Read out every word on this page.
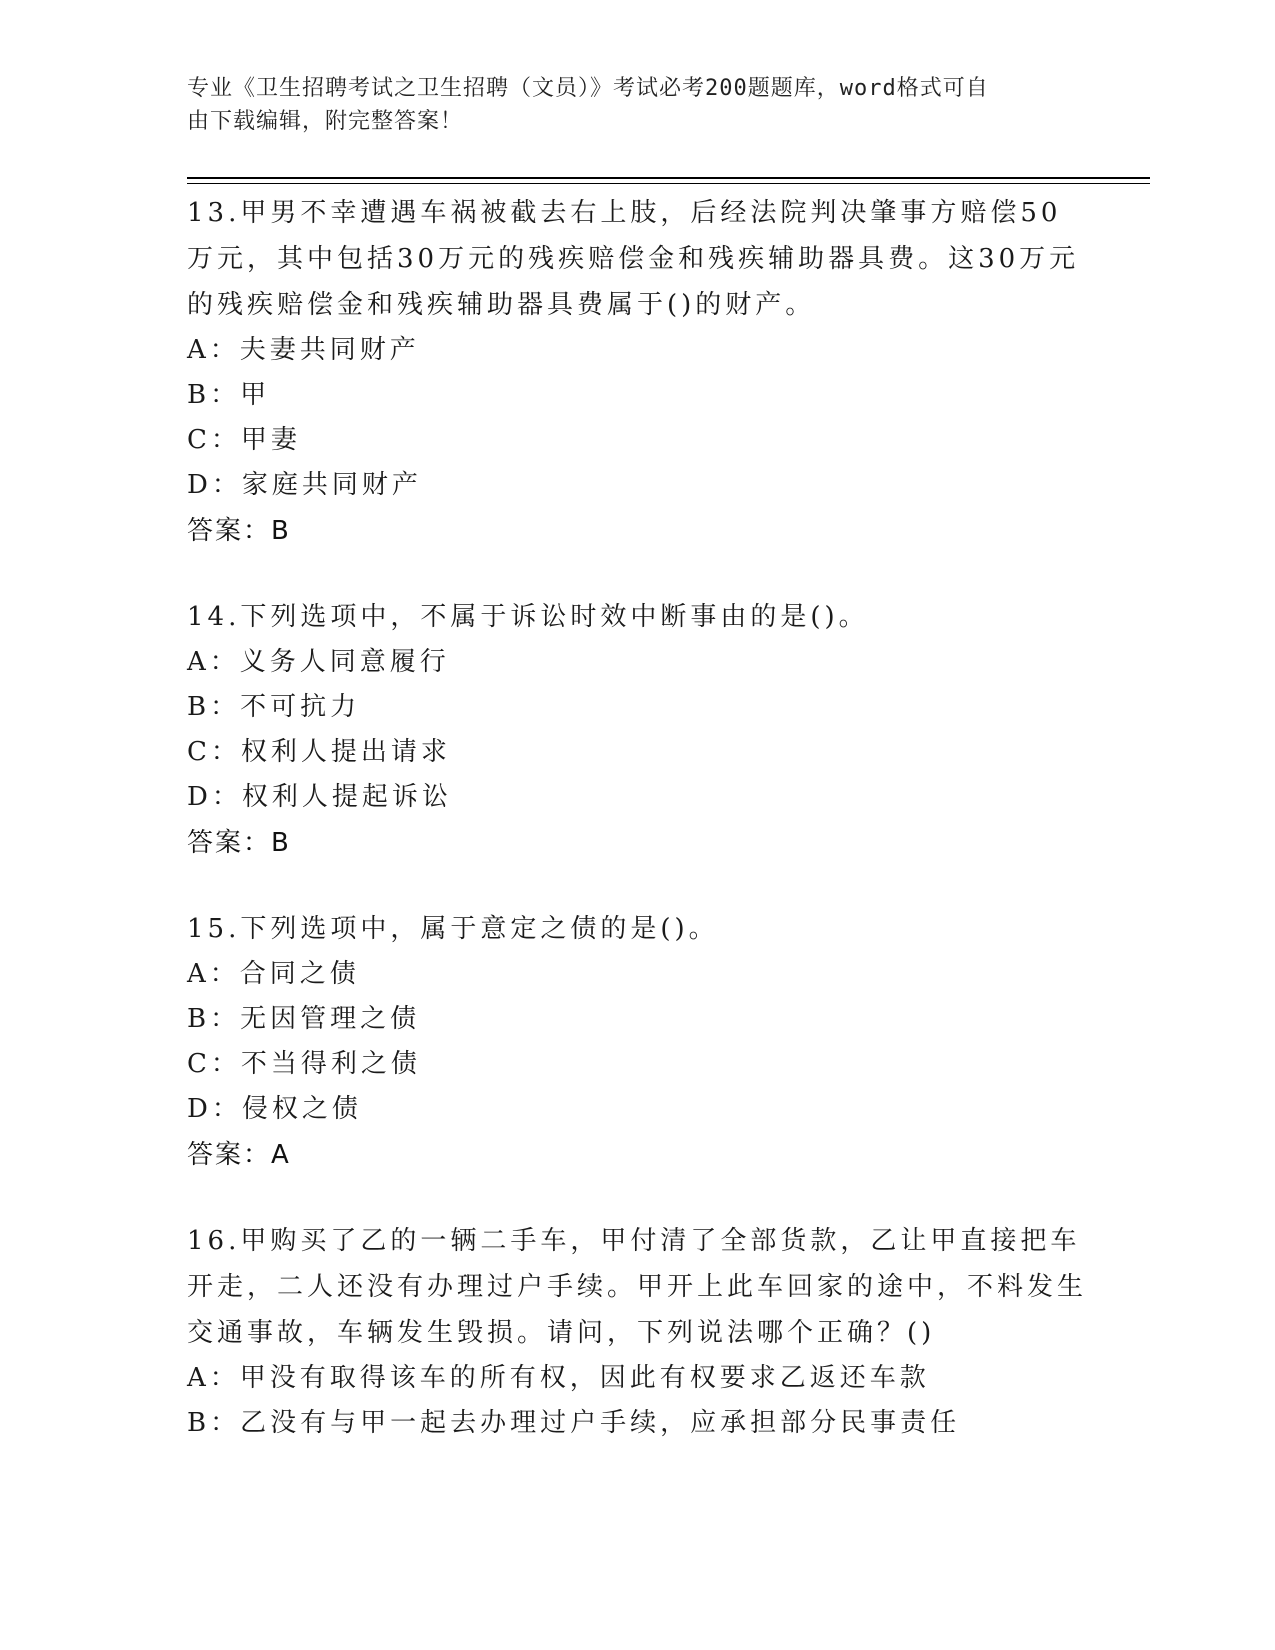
专业《卫生招聘考试之卫生招聘（文员）》考试必考200题题库，word格式可自
由下载编辑，附完整答案！

13.甲男不幸遭遇车祸被截去右上肢，后经法院判决肇事方赔偿50万元，其中包括30万元的残疾赔偿金和残疾辅助器具费。这30万元的残疾赔偿金和残疾辅助器具费属于()的财产。

A：夫妻共同财产

B：甲

C：甲妻

D：家庭共同财产

答案：B

14.下列选项中，不属于诉讼时效中断事由的是()。

A：义务人同意履行

B：不可抗力

C：权利人提出请求

D：权利人提起诉讼

答案：B

15.下列选项中，属于意定之债的是()。

A：合同之债

B：无因管理之债

C：不当得利之债

D：侵权之债

答案：A

16.甲购买了乙的一辆二手车，甲付清了全部货款，乙让甲直接把车开走，二人还没有办理过户手续。甲开上此车回家的途中，不料发生交通事故，车辆发生毁损。请问，下列说法哪个正确？()

A：甲没有取得该车的所有权，因此有权要求乙返还车款

B：乙没有与甲一起去办理过户手续，应承担部分民事责任
